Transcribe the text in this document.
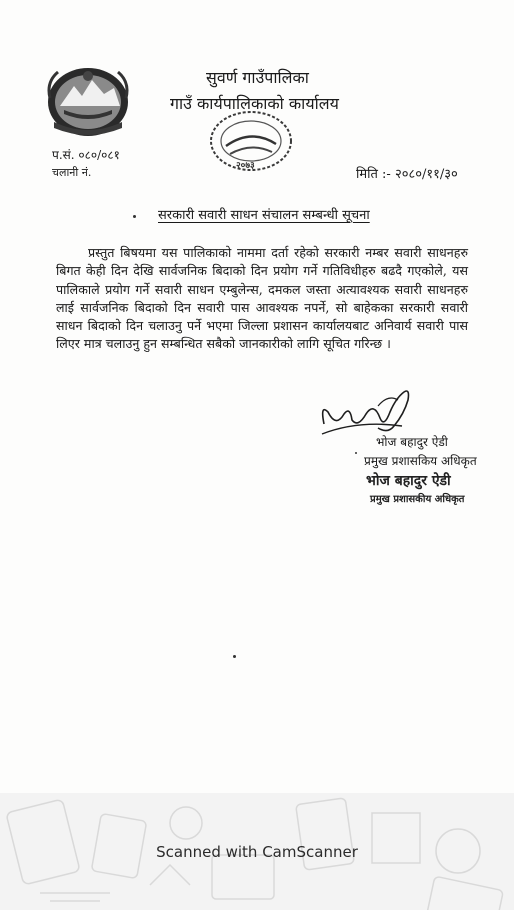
सुवर्ण गाउँपालिका
गाउँ कार्यपालिकाको कार्यालय
२०७३
प.सं. ०८०/०८१
चलानी नं.	मिति :- २०८०/११/३०
सरकारी सवारी साधन संचालन सम्बन्धी सूचना

प्रस्तुत बिषयमा यस पालिकाको नाममा दर्ता रहेको सरकारी नम्बर सवारी साधनहरु बिगत केही दिन देखि सार्वजनिक बिदाको दिन प्रयोग गर्ने गतिविधीहरु बढदै गएकोले, यस पालिकाले प्रयोग गर्ने सवारी साधन एम्बुलेन्स, दमकल जस्ता अत्यावश्यक सवारी साधनहरु लाई सार्वजनिक बिदाको दिन सवारी पास आवश्यक नपर्ने, सो बाहेकका सरकारी सवारी साधन बिदाको दिन चलाउनु पर्ने भएमा जिल्ला प्रशासन कार्यालयबाट अनिवार्य सवारी पास लिएर मात्र चलाउनु हुन सम्बन्धित सबैको जानकारीको लागि सूचित गरिन्छ ।

भोज बहादुर ऐडी
प्रमुख प्रशासकिय अधिकृत
भोज बहादुर ऐडी
प्रमुख प्रशासकीय अधिकृत
Scanned with CamScanner
